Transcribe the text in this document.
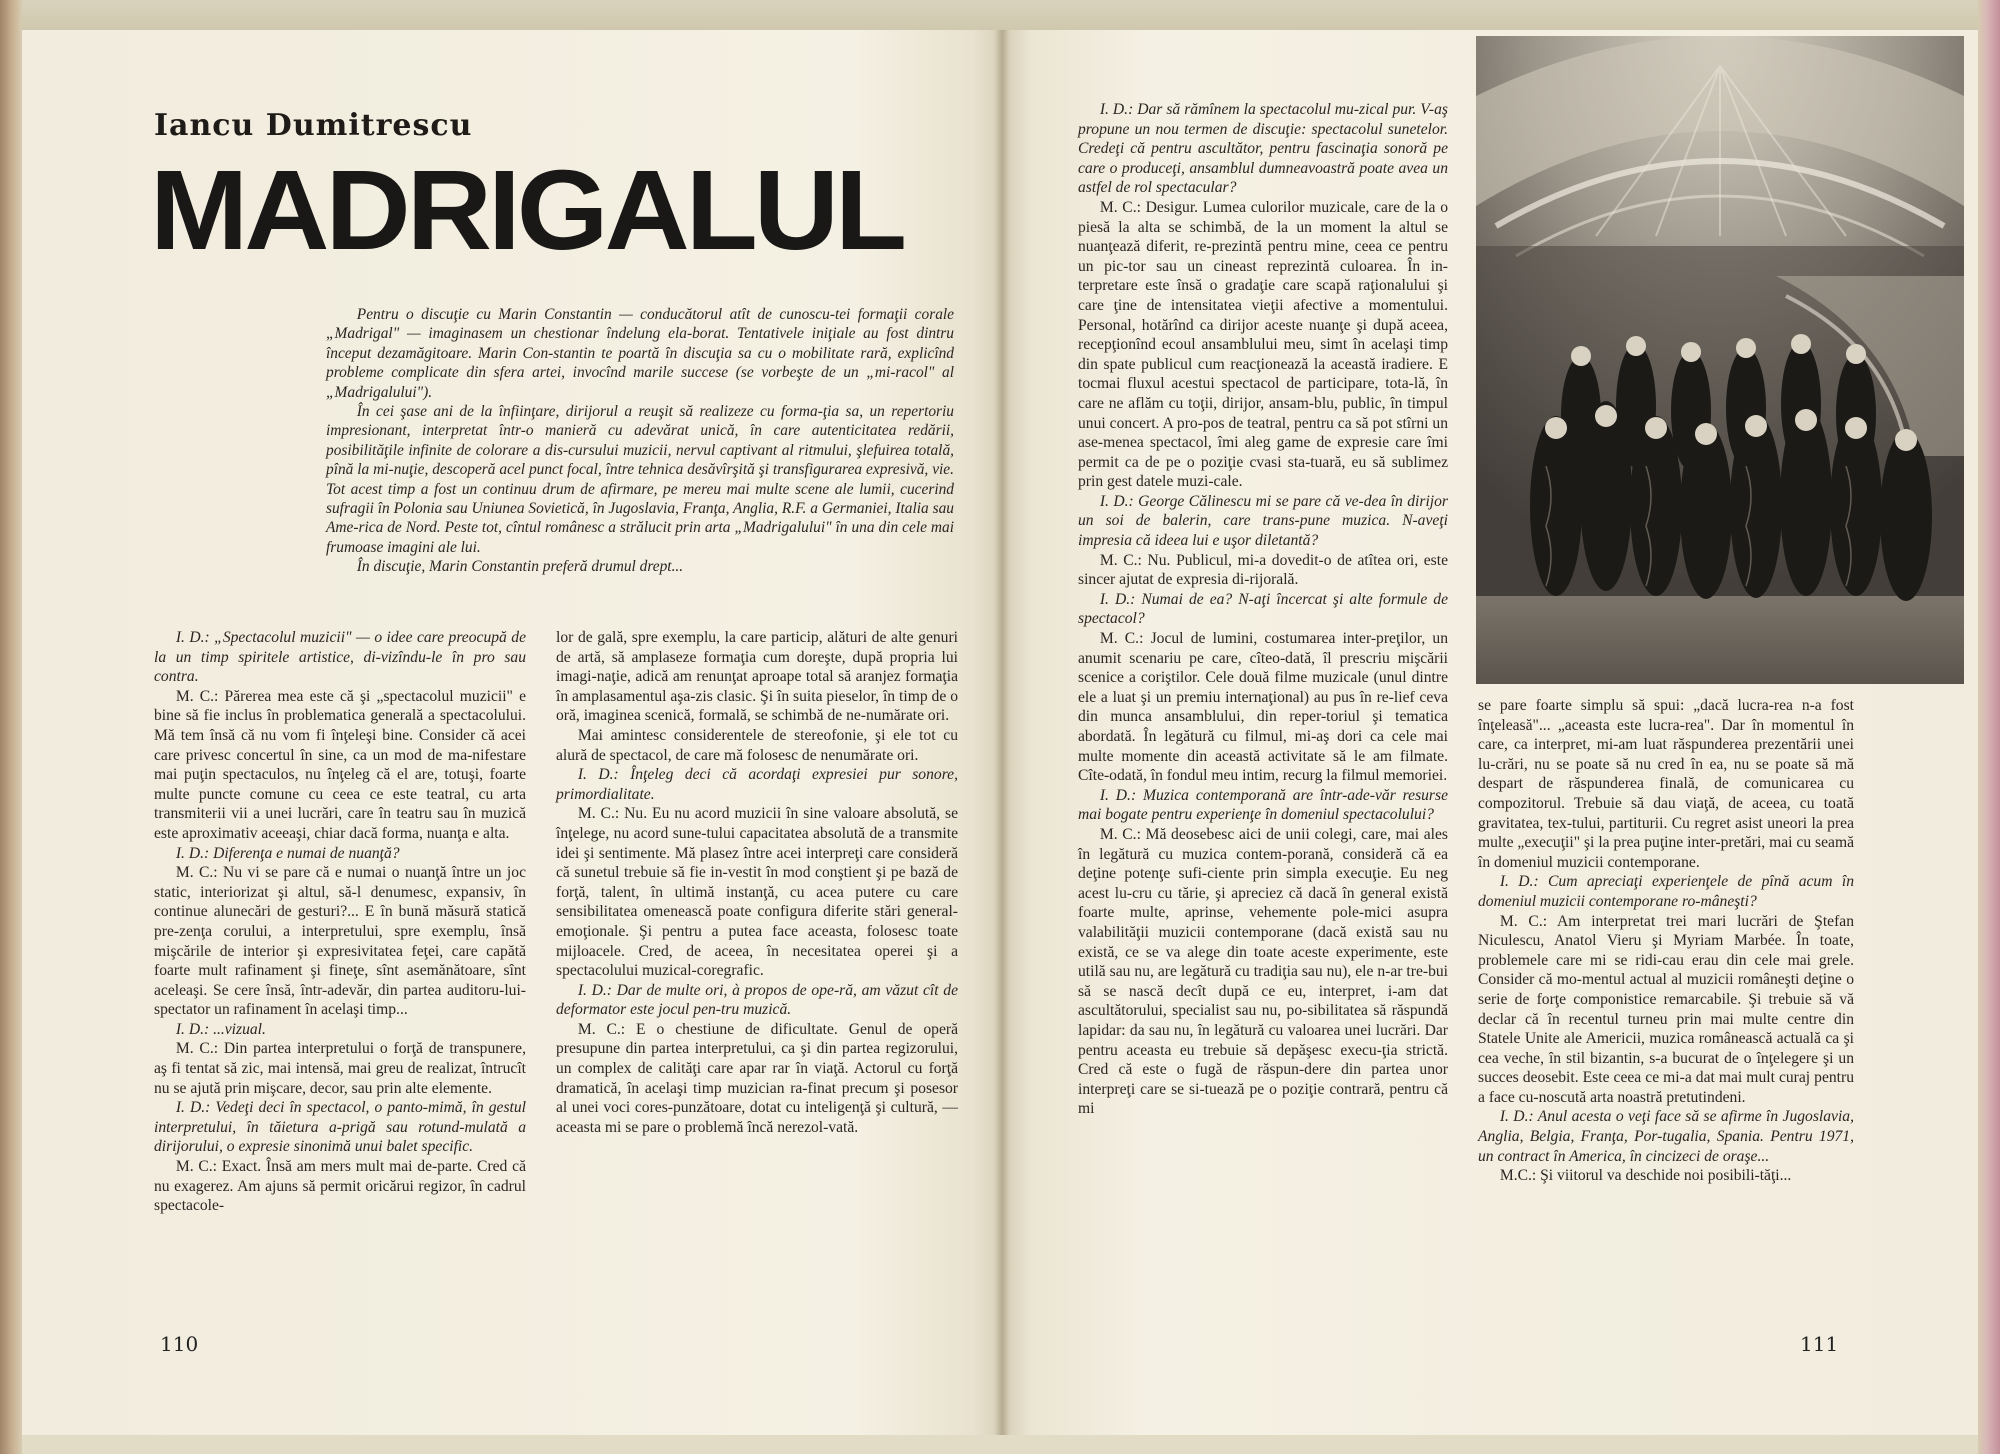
Iancu Dumitrescu
MADRIGALUL

Pentru o discuţie cu Marin Constantin — conducătorul atît de cunoscu-tei formaţii corale „Madrigal" — imaginasem un chestionar îndelung ela-borat. Tentativele iniţiale au fost dintru început dezamăgitoare. Marin Con-stantin te poartă în discuţia sa cu o mobilitate rară, explicînd probleme complicate din sfera artei, invocînd marile succese (se vorbeşte de un „mi-racol" al „Madrigalului").

În cei şase ani de la înfiinţare, dirijorul a reuşit să realizeze cu forma-ţia sa, un repertoriu impresionant, interpretat într-o manieră cu adevărat unică, în care autenticitatea redării, posibilităţile infinite de colorare a dis-cursului muzicii, nervul captivant al ritmului, şlefuirea totală, pînă la mi-nuţie, descoperă acel punct focal, între tehnica desăvîrşită şi transfigurarea expresivă, vie. Tot acest timp a fost un continuu drum de afirmare, pe mereu mai multe scene ale lumii, cucerind sufragii în Polonia sau Uniunea Sovietică, în Jugoslavia, Franţa, Anglia, R.F. a Germaniei, Italia sau Ame-rica de Nord. Peste tot, cîntul românesc a strălucit prin arta „Madrigalului" în una din cele mai frumoase imagini ale lui.

În discuţie, Marin Constantin preferă drumul drept...

I. D.: „Spectacolul muzicii" — o idee care preocupă de la un timp spiritele artistice, di-vizîndu-le în pro sau contra.

M. C.: Părerea mea este că şi „spectacolul muzicii" e bine să fie inclus în problematica generală a spectacolului. Mă tem însă că nu vom fi înţeleşi bine. Consider că acei care privesc concertul în sine, ca un mod de ma-nifestare mai puţin spectaculos, nu înţeleg că el are, totuşi, foarte multe puncte comune cu ceea ce este teatral, cu arta transmiterii vii a unei lucrări, care în teatru sau în muzică este aproximativ aceeaşi, chiar dacă forma, nuanţa e alta.

I. D.: Diferenţa e numai de nuanţă?

M. C.: Nu vi se pare că e numai o nuanţă între un joc static, interiorizat şi altul, să-l denumesc, expansiv, în continue alunecări de gesturi?... E în bună măsură statică pre-zenţa corului, a interpretului, spre exemplu, însă mişcările de interior şi expresivitatea feţei, care capătă foarte mult rafinament şi fineţe, sînt asemănătoare, sînt aceleaşi. Se cere însă, într-adevăr, din partea auditoru-lui-spectator un rafinament în acelaşi timp...

I. D.: ...vizual.

M. C.: Din partea interpretului o forţă de transpunere, aş fi tentat să zic, mai intensă, mai greu de realizat, întrucît nu se ajută prin mişcare, decor, sau prin alte elemente.

I. D.: Vedeţi deci în spectacol, o panto-mimă, în gestul interpretului, în tăietura a-prigă sau rotund-mulată a dirijorului, o expresie sinonimă unui balet specific.

M. C.: Exact. Însă am mers mult mai de-parte. Cred că nu exagerez. Am ajuns să permit oricărui regizor, în cadrul spectacole-

lor de gală, spre exemplu, la care particip, alături de alte genuri de artă, să amplaseze formaţia cum doreşte, după propria lui imagi-naţie, adică am renunţat aproape total să aranjez formaţia în amplasamentul aşa-zis clasic. Şi în suita pieselor, în timp de o oră, imaginea scenică, formală, se schimbă de ne-numărate ori.

Mai amintesc considerentele de stereofonie, şi ele tot cu alură de spectacol, de care mă folosesc de nenumărate ori.

I. D.: Înţeleg deci că acordaţi expresiei pur sonore, primordialitate.

M. C.: Nu. Eu nu acord muzicii în sine valoare absolută, se înţelege, nu acord sune-tului capacitatea absolută de a transmite idei şi sentimente. Mă plasez între acei interpreţi care consideră că sunetul trebuie să fie in-vestit în mod conştient şi pe bază de forţă, talent, în ultimă instanţă, cu acea putere cu care sensibilitatea omenească poate configura diferite stări general-emoţionale. Şi pentru a putea face aceasta, folosesc toate mijloacele. Cred, de aceea, în necesitatea operei şi a spectacolului muzical-coregrafic.

I. D.: Dar de multe ori, à propos de ope-ră, am văzut cît de deformator este jocul pen-tru muzică.

M. C.: E o chestiune de dificultate. Genul de operă presupune din partea interpretului, ca şi din partea regizorului, un complex de calităţi care apar rar în viaţă. Actorul cu forţă dramatică, în acelaşi timp muzician ra-finat precum şi posesor al unei voci cores-punzătoare, dotat cu inteligenţă şi cultură, — aceasta mi se pare o problemă încă nerezol-vată.

110

I. D.: Dar să rămînem la spectacolul mu-zical pur. V-aş propune un nou termen de discuţie: spectacolul sunetelor. Credeţi că pentru ascultător, pentru fascinaţia sonoră pe care o produceţi, ansamblul dumneavoastră poate avea un astfel de rol spectacular?

M. C.: Desigur. Lumea culorilor muzicale, care de la o piesă la alta se schimbă, de la un moment la altul se nuanţează diferit, re-prezintă pentru mine, ceea ce pentru un pic-tor sau un cineast reprezintă culoarea. În in-terpretare este însă o gradaţie care scapă raţionalului şi care ţine de intensitatea vieţii afective a momentului. Personal, hotărînd ca dirijor aceste nuanţe şi după aceea, recepţionînd ecoul ansamblului meu, simt în acelaşi timp din spate publicul cum reacţionează la această iradiere. E tocmai fluxul acestui spectacol de participare, tota-lă, în care ne aflăm cu toţii, dirijor, ansam-blu, public, în timpul unui concert. A pro-pos de teatral, pentru ca să pot stîrni un ase-menea spectacol, îmi aleg game de expresie care îmi permit ca de pe o poziţie cvasi sta-tuară, eu să sublimez prin gest datele muzi-cale.

I. D.: George Călinescu mi se pare că ve-dea în dirijor un soi de balerin, care trans-pune muzica. N-aveţi impresia că ideea lui e uşor diletantă?

M. C.: Nu. Publicul, mi-a dovedit-o de atîtea ori, este sincer ajutat de expresia di-rijorală.

I. D.: Numai de ea? N-aţi încercat şi alte formule de spectacol?

M. C.: Jocul de lumini, costumarea inter-preţilor, un anumit scenariu pe care, cîteo-dată, îl prescriu mişcării scenice a coriştilor. Cele două filme muzicale (unul dintre ele a luat şi un premiu internaţional) au pus în re-lief ceva din munca ansamblului, din reper-toriul şi tematica abordată. În legătură cu filmul, mi-aş dori ca cele mai multe momente din această activitate să le am filmate. Cîte-odată, în fondul meu intim, recurg la filmul memoriei.

I. D.: Muzica contemporană are într-ade-văr resurse mai bogate pentru experienţe în domeniul spectacolului?

M. C.: Mă deosebesc aici de unii colegi, care, mai ales în legătură cu muzica contem-porană, consideră că ea deţine potenţe sufi-ciente prin simpla execuţie. Eu neg acest lu-cru cu tărie, şi apreciez că dacă în general există foarte multe, aprinse, vehemente pole-mici asupra valabilităţii muzicii contemporane (dacă există sau nu există, ce se va alege din toate aceste experimente, este utilă sau nu, are legătură cu tradiţia sau nu), ele n-ar tre-bui să se nască decît după ce eu, interpret, i-am dat ascultătorului, specialist sau nu, po-sibilitatea să răspundă lapidar: da sau nu, în legătură cu valoarea unei lucrări. Dar pentru aceasta eu trebuie să depăşesc execu-ţia strictă. Cred că este o fugă de răspun-dere din partea unor interpreţi care se si-tuează pe o poziţie contrară, pentru că mi

se pare foarte simplu să spui: „dacă lucra-rea n-a fost înţeleasă"... „aceasta este lucra-rea". Dar în momentul în care, ca interpret, mi-am luat răspunderea prezentării unei lu-crări, nu se poate să nu cred în ea, nu se poate să mă despart de răspunderea finală, de comunicarea cu compozitorul. Trebuie să dau viaţă, de aceea, cu toată gravitatea, tex-tului, partiturii. Cu regret asist uneori la prea multe „execuţii" şi la prea puţine inter-pretări, mai cu seamă în domeniul muzicii contemporane.

I. D.: Cum apreciaţi experienţele de pînă acum în domeniul muzicii contemporane ro-mâneşti?

M. C.: Am interpretat trei mari lucrări de Ştefan Niculescu, Anatol Vieru şi Myriam Marbée. În toate, problemele care mi se ridi-cau erau din cele mai grele. Consider că mo-mentul actual al muzicii româneşti deţine o serie de forţe componistice remarcabile. Şi trebuie să vă declar că în recentul turneu prin mai multe centre din Statele Unite ale Americii, muzica românească actuală ca şi cea veche, în stil bizantin, s-a bucurat de o înţelegere şi un succes deosebit. Este ceea ce mi-a dat mai mult curaj pentru a face cu-noscută arta noastră pretutindeni.

I. D.: Anul acesta o veţi face să se afirme în Jugoslavia, Anglia, Belgia, Franţa, Por-tugalia, Spania. Pentru 1971, un contract în America, în cincizeci de oraşe...

M.C.: Şi viitorul va deschide noi posibili-tăţi...

111
